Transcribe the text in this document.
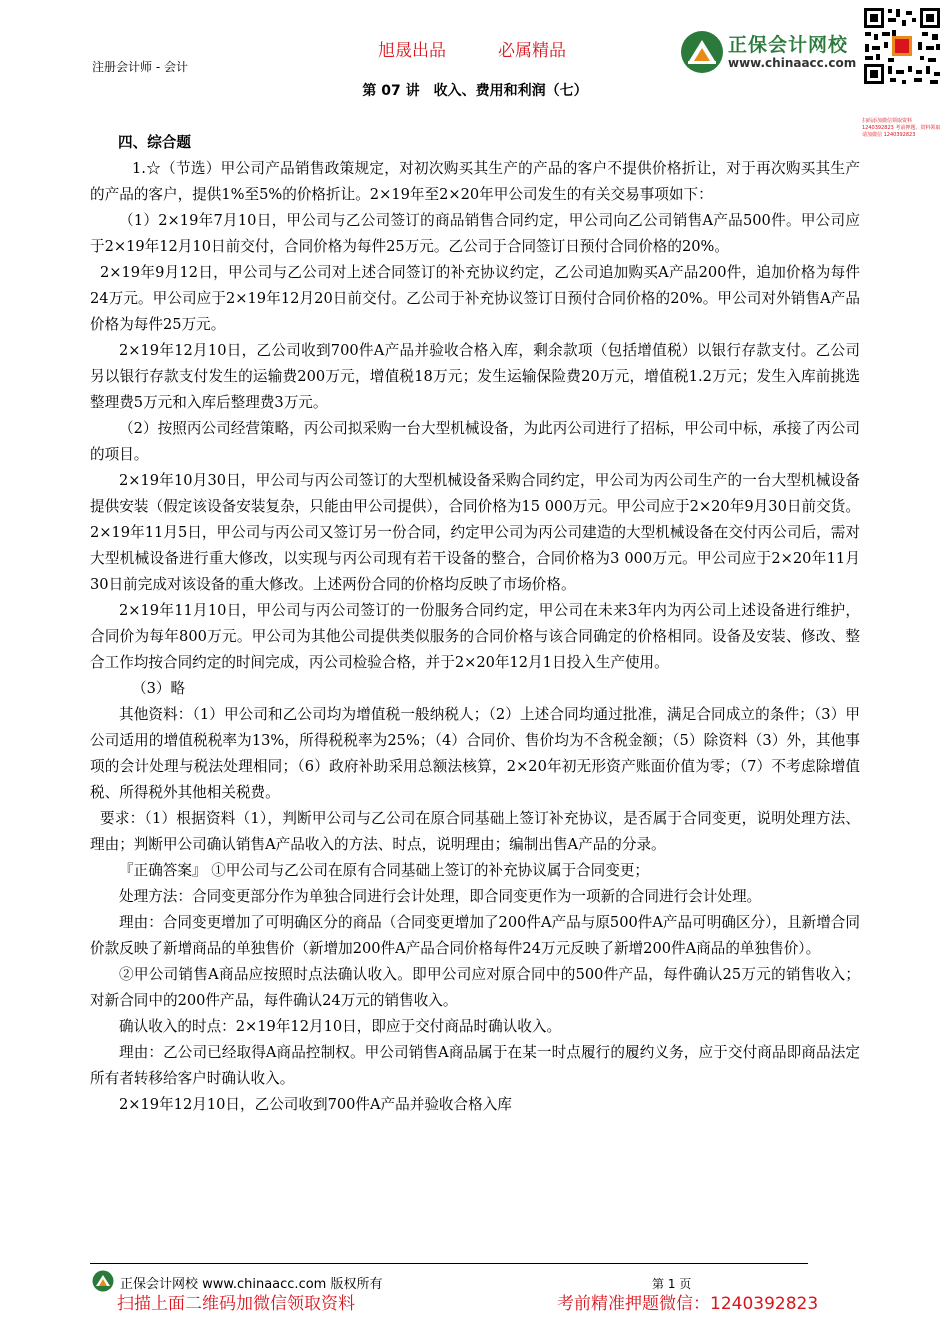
旭晟出品	必属精品
注册会计师 - 会计
第 07 讲　收入、费用和利润（七）
正保会计网校
www.chinaacc.com
扫码添加微信领取资料 1240392823 考前押题、资料领取请加微信 1240392823

四、综合题

1.☆（节选）甲公司产品销售政策规定，对初次购买其生产的产品的客户不提供价格折让，对于再次购买其生产的产品的客户，提供1%至5%的价格折让。2×19年至2×20年甲公司发生的有关交易事项如下：

（1）2×19年7月10日，甲公司与乙公司签订的商品销售合同约定，甲公司向乙公司销售A产品500件。甲公司应于2×19年12月10日前交付，合同价格为每件25万元。乙公司于合同签订日预付合同价格的20%。

2×19年9月12日，甲公司与乙公司对上述合同签订的补充协议约定，乙公司追加购买A产品200件，追加价格为每件24万元。甲公司应于2×19年12月20日前交付。乙公司于补充协议签订日预付合同价格的20%。甲公司对外销售A产品价格为每件25万元。

2×19年12月10日，乙公司收到700件A产品并验收合格入库，剩余款项（包括增值税）以银行存款支付。乙公司另以银行存款支付发生的运输费200万元，增值税18万元；发生运输保险费20万元，增值税1.2万元；发生入库前挑选整理费5万元和入库后整理费3万元。

（2）按照丙公司经营策略，丙公司拟采购一台大型机械设备，为此丙公司进行了招标，甲公司中标，承接了丙公司的项目。

2×19年10月30日，甲公司与丙公司签订的大型机械设备采购合同约定，甲公司为丙公司生产的一台大型机械设备提供安装（假定该设备安装复杂，只能由甲公司提供），合同价格为15 000万元。甲公司应于2×20年9月30日前交货。2×19年11月5日，甲公司与丙公司又签订另一份合同，约定甲公司为丙公司建造的大型机械设备在交付丙公司后，需对大型机械设备进行重大修改，以实现与丙公司现有若干设备的整合，合同价格为3 000万元。甲公司应于2×20年11月30日前完成对该设备的重大修改。上述两份合同的价格均反映了市场价格。

2×19年11月10日，甲公司与丙公司签订的一份服务合同约定，甲公司在未来3年内为丙公司上述设备进行维护，合同价为每年800万元。甲公司为其他公司提供类似服务的合同价格与该合同确定的价格相同。设备及安装、修改、整合工作均按合同约定的时间完成，丙公司检验合格，并于2×20年12月1日投入生产使用。

（3）略

其他资料：（1）甲公司和乙公司均为增值税一般纳税人；（2）上述合同均通过批准，满足合同成立的条件；（3）甲公司适用的增值税税率为13%，所得税税率为25%；（4）合同价、售价均为不含税金额；（5）除资料（3）外，其他事项的会计处理与税法处理相同；（6）政府补助采用总额法核算，2×20年初无形资产账面价值为零；（7）不考虑除增值税、所得税外其他相关税费。

要求：（1）根据资料（1），判断甲公司与乙公司在原合同基础上签订补充协议，是否属于合同变更，说明处理方法、理由；判断甲公司确认销售A产品收入的方法、时点，说明理由；编制出售A产品的分录。

『正确答案』 ①甲公司与乙公司在原有合同基础上签订的补充协议属于合同变更；

处理方法：合同变更部分作为单独合同进行会计处理，即合同变更作为一项新的合同进行会计处理。

理由：合同变更增加了可明确区分的商品（合同变更增加了200件A产品与原500件A产品可明确区分），且新增合同价款反映了新增商品的单独售价（新增加200件A产品合同价格每件24万元反映了新增200件A商品的单独售价）。

②甲公司销售A商品应按照时点法确认收入。即甲公司应对原合同中的500件产品，每件确认25万元的销售收入；对新合同中的200件产品，每件确认24万元的销售收入。

确认收入的时点：2×19年12月10日，即应于交付商品时确认收入。

理由：乙公司已经取得A商品控制权。甲公司销售A商品属于在某一时点履行的履约义务，应于交付商品即商品法定所有者转移给客户时确认收入。

2×19年12月10日，乙公司收到700件A产品并验收合格入库

正保会计网校 www.chinaacc.com 版权所有	第 1 页
扫描上面二维码加微信领取资料	考前精准押题微信：1240392823
